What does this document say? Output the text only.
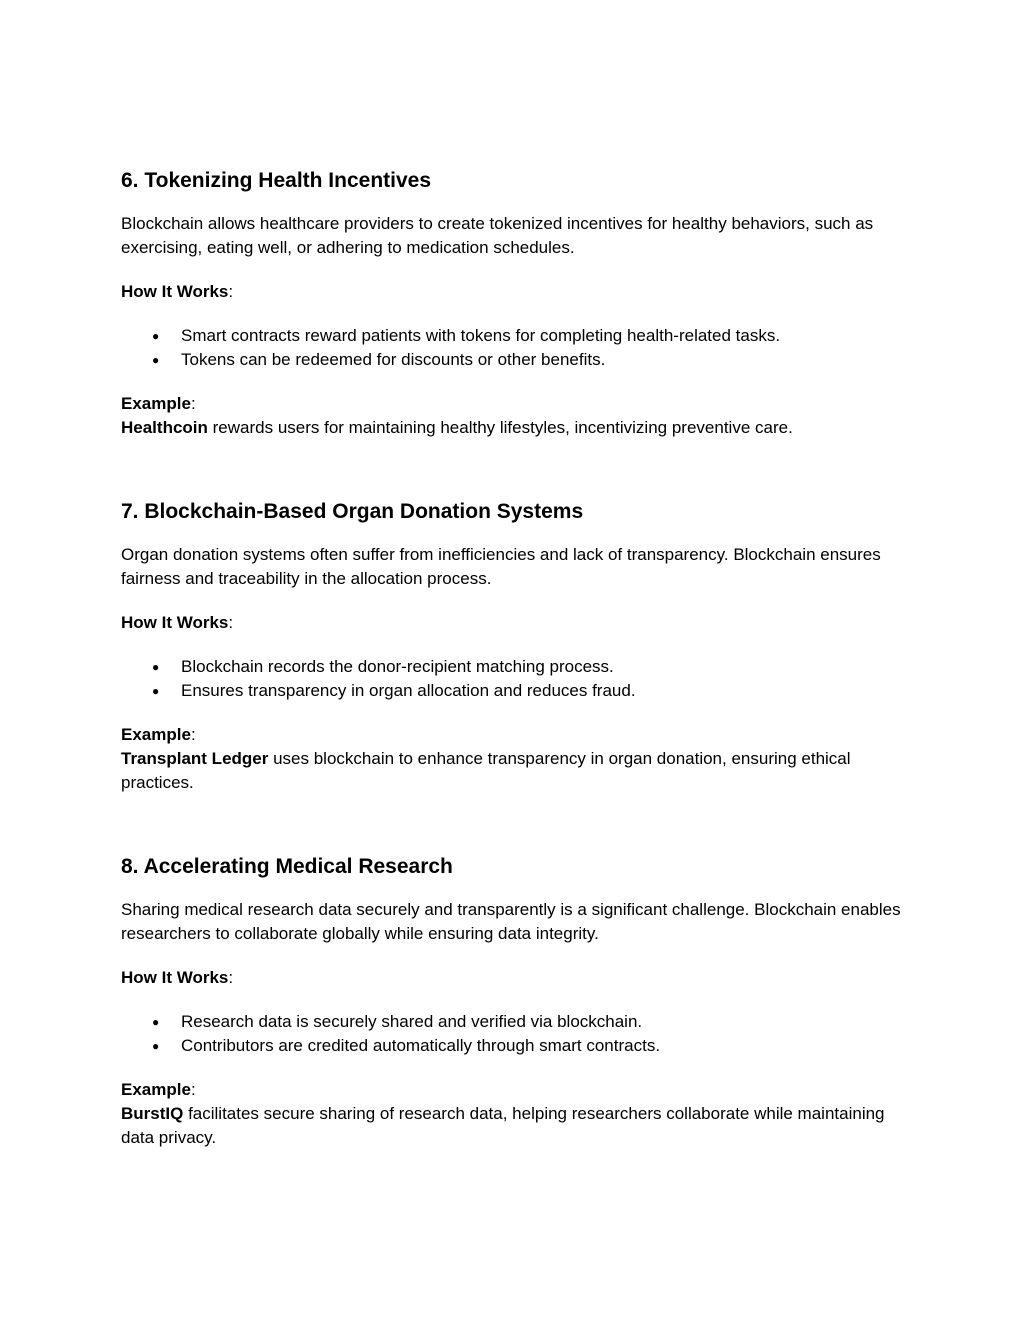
6. Tokenizing Health Incentives

Blockchain allows healthcare providers to create tokenized incentives for healthy behaviors, such as exercising, eating well, or adhering to medication schedules.

How It Works:

● Smart contracts reward patients with tokens for completing health-related tasks.
● Tokens can be redeemed for discounts or other benefits.

Example:

Healthcoin rewards users for maintaining healthy lifestyles, incentivizing preventive care.

7. Blockchain-Based Organ Donation Systems

Organ donation systems often suffer from inefficiencies and lack of transparency. Blockchain ensures fairness and traceability in the allocation process.

How It Works:

● Blockchain records the donor-recipient matching process.
● Ensures transparency in organ allocation and reduces fraud.

Example:

Transplant Ledger uses blockchain to enhance transparency in organ donation, ensuring ethical practices.

8. Accelerating Medical Research

Sharing medical research data securely and transparently is a significant challenge. Blockchain enables researchers to collaborate globally while ensuring data integrity.

How It Works:

● Research data is securely shared and verified via blockchain.
● Contributors are credited automatically through smart contracts.

Example:

BurstIQ facilitates secure sharing of research data, helping researchers collaborate while maintaining data privacy.
